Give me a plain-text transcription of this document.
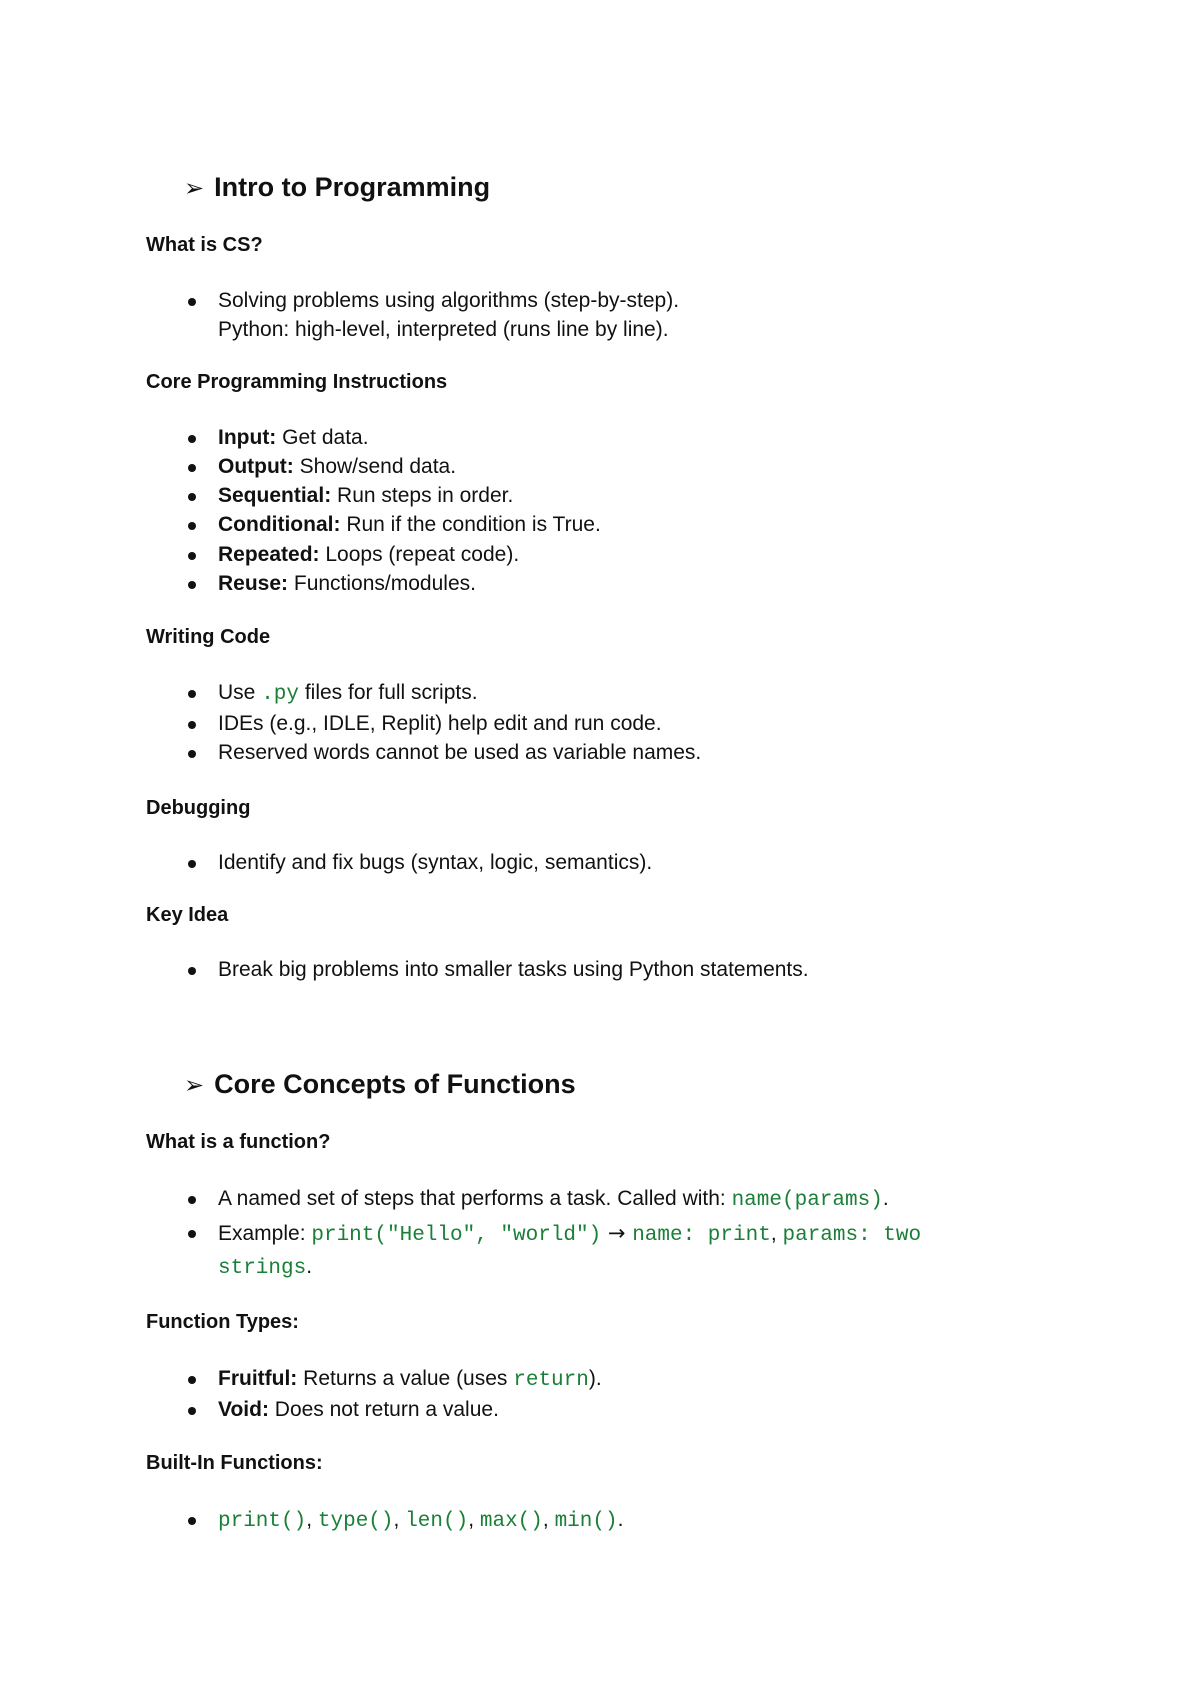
➢ Intro to Programming
What is CS?
Solving problems using algorithms (step-by-step).
Python: high-level, interpreted (runs line by line).
Core Programming Instructions
Input: Get data.
Output: Show/send data.
Sequential: Run steps in order.
Conditional: Run if the condition is True.
Repeated: Loops (repeat code).
Reuse: Functions/modules.
Writing Code
Use .py files for full scripts.
IDEs (e.g., IDLE, Replit) help edit and run code.
Reserved words cannot be used as variable names.
Debugging
Identify and fix bugs (syntax, logic, semantics).
Key Idea
Break big problems into smaller tasks using Python statements.
➢ Core Concepts of Functions
What is a function?
A named set of steps that performs a task. Called with: name(params).
Example: print("Hello", "world") → name: print, params: two
strings.
Function Types:
Fruitful: Returns a value (uses return).
Void: Does not return a value.
Built-In Functions:
print(), type(), len(), max(), min().
